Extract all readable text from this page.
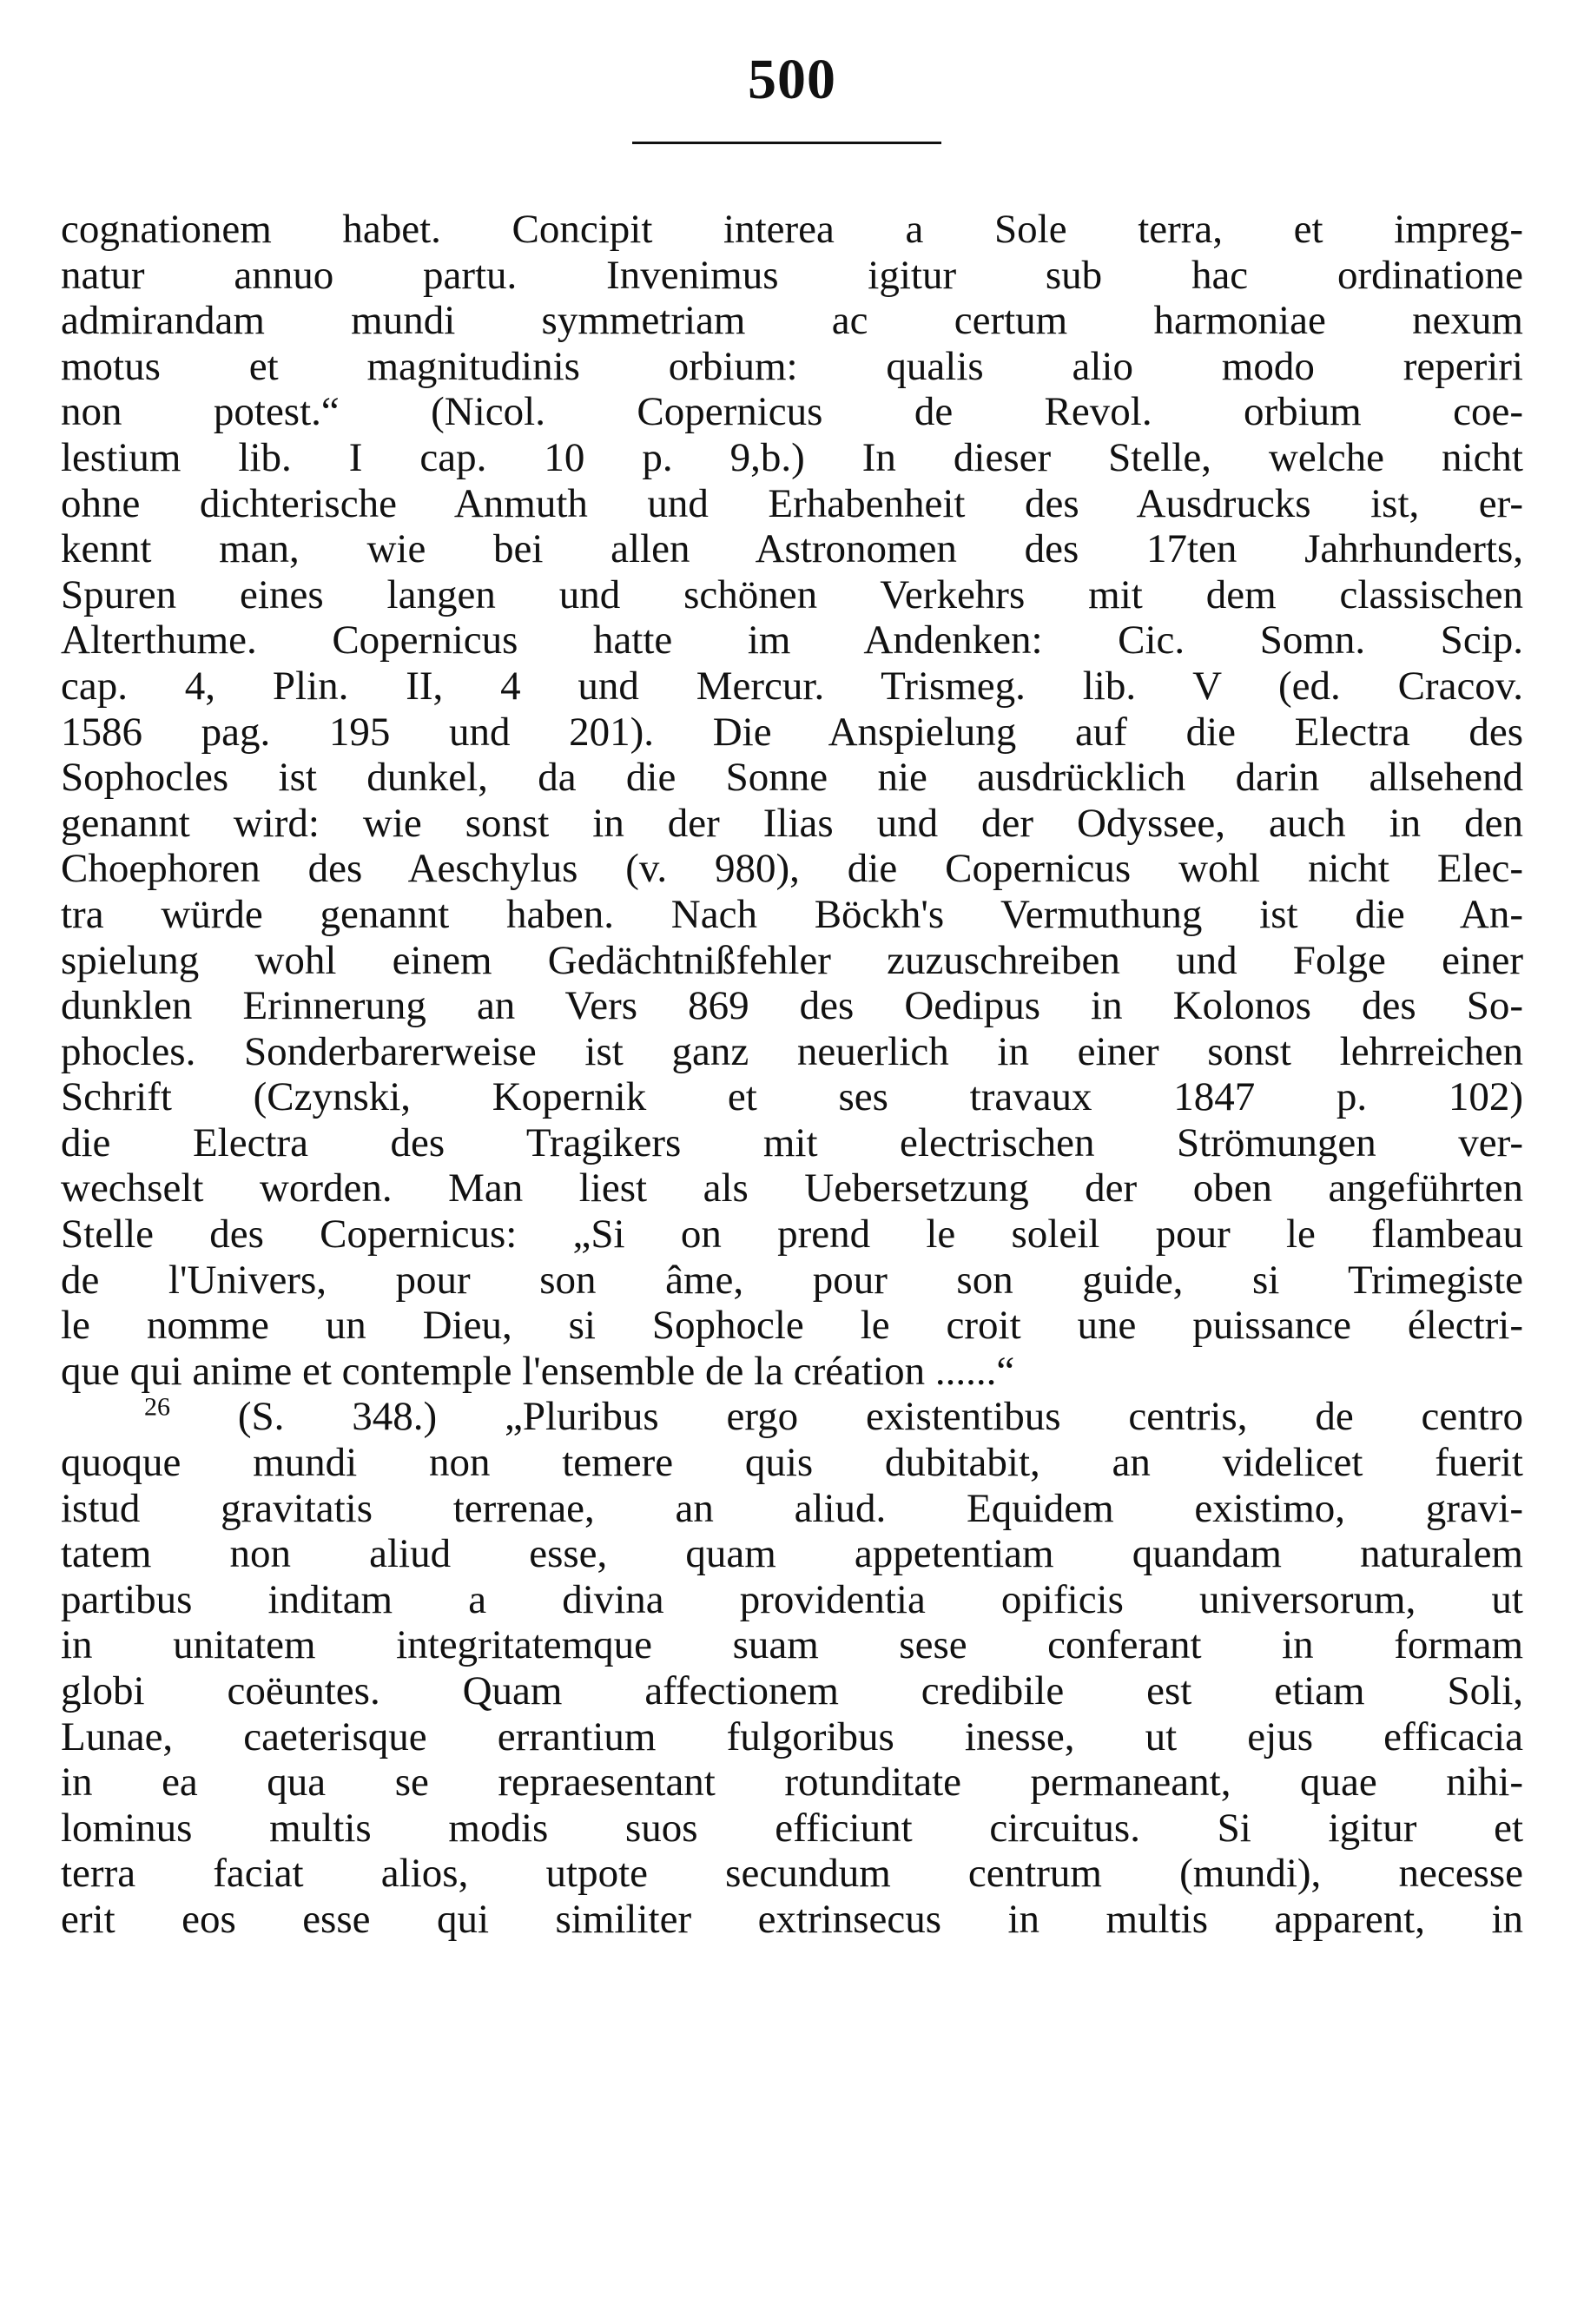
500

cognationem habet. Concipit interea a Sole terra, et impreg-
natur annuo partu. Invenimus igitur sub hac ordinatione
admirandam mundi symmetriam ac certum harmoniae nexum
motus et magnitudinis orbium: qualis alio modo reperiri
non potest.“ (Nicol. Copernicus de Revol. orbium coe-
lestium lib. I cap. 10 p. 9,b.) In dieser Stelle, welche nicht
ohne dichterische Anmuth und Erhabenheit des Ausdrucks ist, er-
kennt man, wie bei allen Astronomen des 17ten Jahrhunderts,
Spuren eines langen und schönen Verkehrs mit dem classischen
Alterthume. Copernicus hatte im Andenken: Cic. Somn. Scip.
cap. 4, Plin. II, 4 und Mercur. Trismeg. lib. V (ed. Cracov.
1586 pag. 195 und 201). Die Anspielung auf die Electra des
Sophocles ist dunkel, da die Sonne nie ausdrücklich darin allsehend
genannt wird: wie sonst in der Ilias und der Odyssee, auch in den
Choephoren des Aeschylus (v. 980), die Copernicus wohl nicht Elec-
tra würde genannt haben. Nach Böckh's Vermuthung ist die An-
spielung wohl einem Gedächtnißfehler zuzuschreiben und Folge einer
dunklen Erinnerung an Vers 869 des Oedipus in Kolonos des So-
phocles. Sonderbarerweise ist ganz neuerlich in einer sonst lehrreichen
Schrift (Czynski, Kopernik et ses travaux 1847 p. 102)
die Electra des Tragikers mit electrischen Strömungen ver-
wechselt worden. Man liest als Uebersetzung der oben angeführten
Stelle des Copernicus: „Si on prend le soleil pour le flambeau
de l'Univers, pour son âme, pour son guide, si Trimegiste
le nomme un Dieu, si Sophocle le croit une puissance électri-
que qui anime et contemple l'ensemble de la création ......“

$^{26}$ (S. 348.) „Pluribus ergo existentibus centris, de centro
quoque mundi non temere quis dubitabit, an videlicet fuerit
istud gravitatis terrenae, an aliud. Equidem existimo, gravi-
tatem non aliud esse, quam appetentiam quandam naturalem
partibus inditam a divina providentia opificis universorum, ut
in unitatem integritatemque suam sese conferant in formam
globi coëuntes. Quam affectionem credibile est etiam Soli,
Lunae, caeterisque errantium fulgoribus inesse, ut ejus efficacia
in ea qua se repraesentant rotunditate permaneant, quae nihi-
lominus multis modis suos efficiunt circuitus. Si igitur et
terra faciat alios, utpote secundum centrum (mundi), necesse
erit eos esse qui similiter extrinsecus in multis apparent, in
